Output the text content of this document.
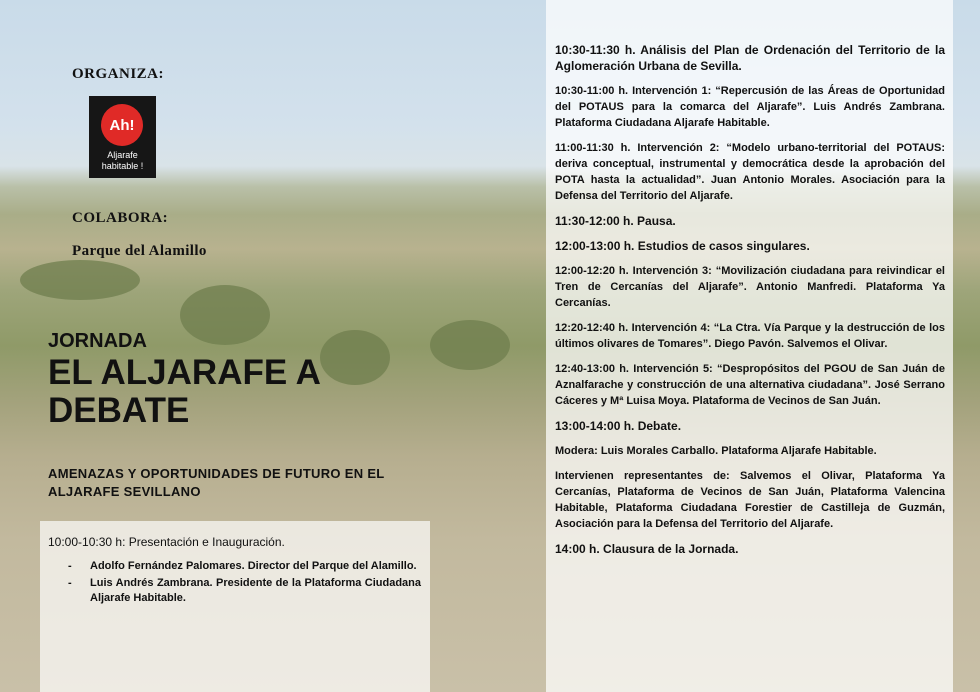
ORGANIZA:
Ah!
Aljarafe
habitable !
COLABORA:
Parque del Alamillo
JORNADA
EL ALJARAFE A DEBATE
AMENAZAS Y OPORTUNIDADES DE FUTURO EN EL ALJARAFE SEVILLANO
10:00-10:30 h: Presentación e Inauguración.
- Adolfo Fernández Palomares. Director del Parque del Alamillo.
- Luis Andrés Zambrana. Presidente de la Plataforma Ciudadana Aljarafe Habitable.
10:30-11:30 h. Análisis del Plan de Ordenación del Territorio de la Aglomeración Urbana de Sevilla.
10:30-11:00 h. Intervención 1: “Repercusión de las Áreas de Oportunidad del POTAUS para la comarca del Aljarafe”. Luis Andrés Zambrana. Plataforma Ciudadana Aljarafe Habitable.
11:00-11:30 h. Intervención 2: “Modelo urbano-territorial del POTAUS: deriva conceptual, instrumental y democrática desde la aprobación del POTA hasta la actualidad”. Juan Antonio Morales. Asociación para la Defensa del Territorio del Aljarafe.
11:30-12:00 h. Pausa.
12:00-13:00 h. Estudios de casos singulares.
12:00-12:20 h. Intervención 3: “Movilización ciudadana para reivindicar el Tren de Cercanías del Aljarafe”. Antonio Manfredi. Plataforma Ya Cercanías.
12:20-12:40 h. Intervención 4: “La Ctra. Vía Parque y la destrucción de los últimos olivares de Tomares”. Diego Pavón. Salvemos el Olivar.
12:40-13:00 h. Intervención 5: “Despropósitos del PGOU de San Juán de Aznalfarache y construcción de una alternativa ciudadana”. José Serrano Cáceres y Mª Luisa Moya. Plataforma de Vecinos de San Juán.
13:00-14:00 h. Debate.
Modera: Luis Morales Carballo. Plataforma Aljarafe Habitable.
Intervienen representantes de: Salvemos el Olivar, Plataforma Ya Cercanías, Plataforma de Vecinos de San Juán, Plataforma Valencina Habitable, Plataforma Ciudadana Forestier de Castilleja de Guzmán, Asociación para la Defensa del Territorio del Aljarafe.
14:00 h. Clausura de la Jornada.
